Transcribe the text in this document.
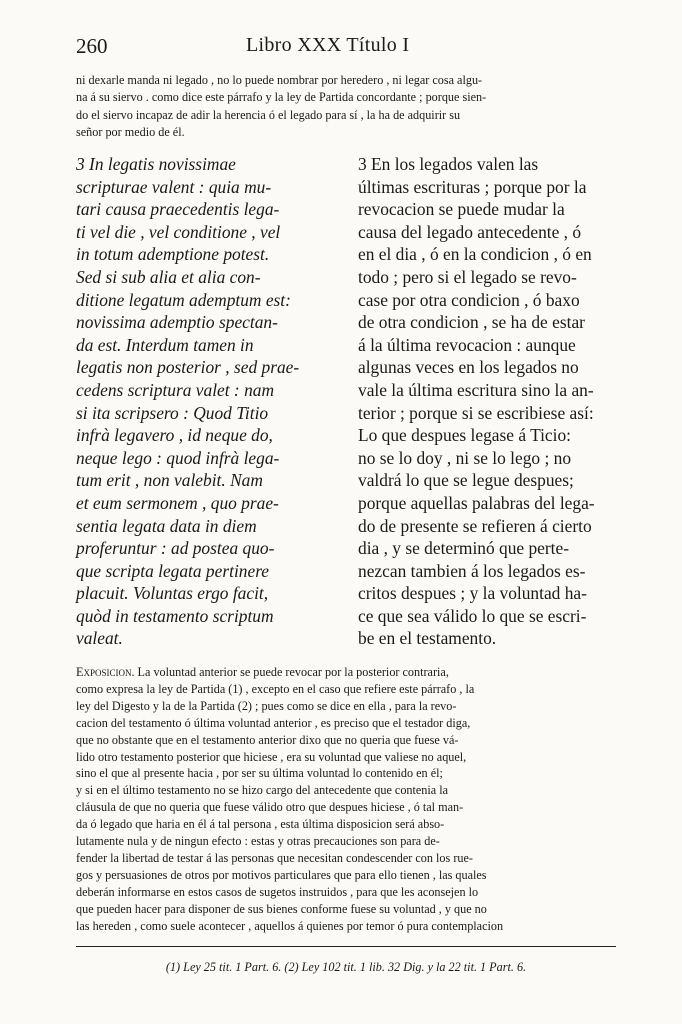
260	Libro XXX Título I
ni dexarle manda ni legado , no lo puede nombrar por heredero , ni legar cosa algu-
na á su siervo . como dice este párrafo y la ley de Partida concordante ; porque sien-
do el siervo incapaz de adir la herencia ó el legado para sí , la ha de adquirir su
señor por medio de él.
3 In legatis novissimae
scripturae valent : quia mu-
tari causa praecedentis lega-
ti vel die , vel conditione , vel
in totum ademptione potest.
Sed si sub alia et alia con-
ditione legatum ademptum est:
novissima ademptio spectan-
da est. Interdum tamen in
legatis non posterior , sed prae-
cedens scriptura valet : nam
si ita scripsero : Quod Titio
infrà legavero , id neque do,
neque lego : quod infrà lega-
tum erit , non valebit. Nam
et eum sermonem , quo prae-
sentia legata data in diem
proferuntur : ad postea quo-
que scripta legata pertinere
placuit. Voluntas ergo facit,
quòd in testamento scriptum
valeat.
3 En los legados valen las
últimas escrituras ; porque por la
revocacion se puede mudar la
causa del legado antecedente , ó
en el dia , ó en la condicion , ó en
todo ; pero si el legado se revo-
case por otra condicion , ó baxo
de otra condicion , se ha de estar
á la última revocacion : aunque
algunas veces en los legados no
vale la última escritura sino la an-
terior ; porque si se escribiese así:
Lo que despues legase á Ticio:
no se lo doy , ni se lo lego ; no
valdrá lo que se legue despues;
porque aquellas palabras del lega-
do de presente se refieren á cierto
dia , y se determinó que perte-
nezcan tambien á los legados es-
critos despues ; y la voluntad ha-
ce que sea válido lo que se escri-
be en el testamento.
Exposicion. La voluntad anterior se puede revocar por la posterior contraria,
como expresa la ley de Partida (1) , excepto en el caso que refiere este párrafo , la
ley del Digesto y la de la Partida (2) ; pues como se dice en ella , para la revo-
cacion del testamento ó última voluntad anterior , es preciso que el testador diga,
que no obstante que en el testamento anterior dixo que no queria que fuese vá-
lido otro testamento posterior que hiciese , era su voluntad que valiese no aquel,
sino el que al presente hacia , por ser su última voluntad lo contenido en él;
y si en el último testamento no se hizo cargo del antecedente que contenia la
cláusula de que no queria que fuese válido otro que despues hiciese , ó tal man-
da ó legado que haria en él á tal persona , esta última disposicion será abso-
lutamente nula y de ningun efecto : estas y otras precauciones son para de-
fender la libertad de testar á las personas que necesitan condescender con los rue-
gos y persuasiones de otros por motivos particulares que para ello tienen , las quales
deberán informarse en estos casos de sugetos instruidos , para que les aconsejen lo
que pueden hacer para disponer de sus bienes conforme fuese su voluntad , y que no
las hereden , como suele acontecer , aquellos á quienes por temor ó pura contemplacion
(1) Ley 25 tit. 1 Part. 6. (2) Ley 102 tit. 1 lib. 32 Dig. y la 22 tit. 1 Part. 6.
